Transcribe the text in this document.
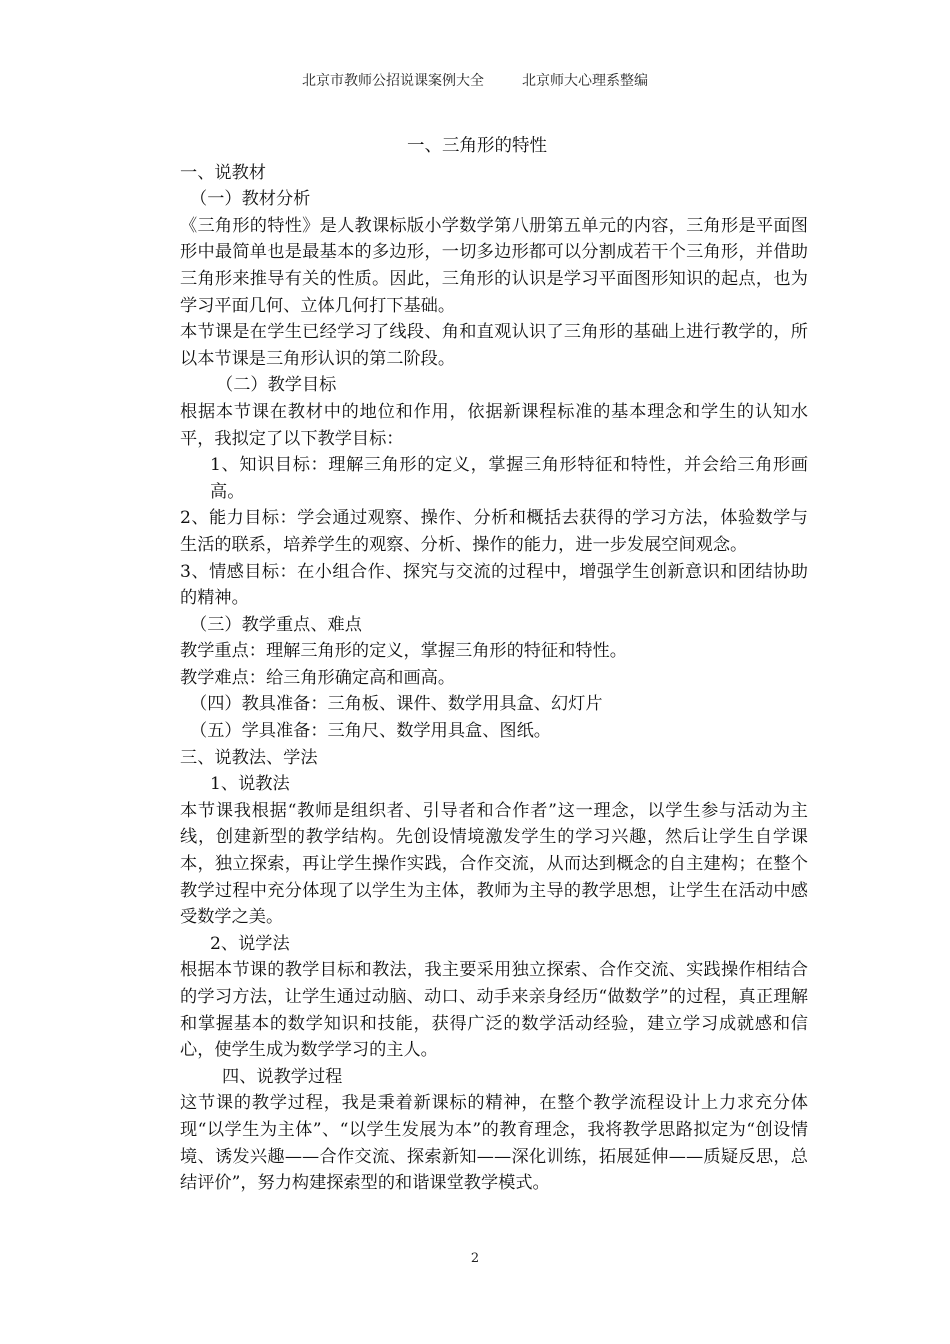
北京市教师公招说课案例大全	北京师大心理系整编

一、三角形的特性

一、说教材

（一）教材分析

《三角形的特性》是人教课标版小学数学第八册第五单元的内容，三角形是平面图形中最简单也是最基本的多边形，一切多边形都可以分割成若干个三角形，并借助三角形来推导有关的性质。因此，三角形的认识是学习平面图形知识的起点，也为学习平面几何、立体几何打下基础。

本节课是在学生已经学习了线段、角和直观认识了三角形的基础上进行教学的，所以本节课是三角形认识的第二阶段。

（二）教学目标

根据本节课在教材中的地位和作用，依据新课程标准的基本理念和学生的认知水平，我拟定了以下教学目标：

1、知识目标：理解三角形的定义，掌握三角形特征和特性，并会给三角形画高。

2、能力目标：学会通过观察、操作、分析和概括去获得的学习方法，体验数学与生活的联系，培养学生的观察、分析、操作的能力，进一步发展空间观念。

3、情感目标：在小组合作、探究与交流的过程中，增强学生创新意识和团结协助的精神。

（三）教学重点、难点

教学重点：理解三角形的定义，掌握三角形的特征和特性。

教学难点：给三角形确定高和画高。

（四）教具准备：三角板、课件、数学用具盒、幻灯片

（五）学具准备：三角尺、数学用具盒、图纸。

三、说教法、学法

1、说教法

本节课我根据“教师是组织者、引导者和合作者”这一理念，以学生参与活动为主线，创建新型的教学结构。先创设情境激发学生的学习兴趣，然后让学生自学课本，独立探索，再让学生操作实践，合作交流，从而达到概念的自主建构；在整个教学过程中充分体现了以学生为主体，教师为主导的教学思想，让学生在活动中感受数学之美。

2、说学法

根据本节课的教学目标和教法，我主要采用独立探索、合作交流、实践操作相结合的学习方法，让学生通过动脑、动口、动手来亲身经历“做数学”的过程，真正理解和掌握基本的数学知识和技能，获得广泛的数学活动经验，建立学习成就感和信心，使学生成为数学学习的主人。

四、说教学过程

这节课的教学过程，我是秉着新课标的精神，在整个教学流程设计上力求充分体现“以学生为主体”、“以学生发展为本”的教育理念，我将教学思路拟定为“创设情境、诱发兴趣——合作交流、探索新知——深化训练，拓展延伸——质疑反思，总结评价”，努力构建探索型的和谐课堂教学模式。

2
